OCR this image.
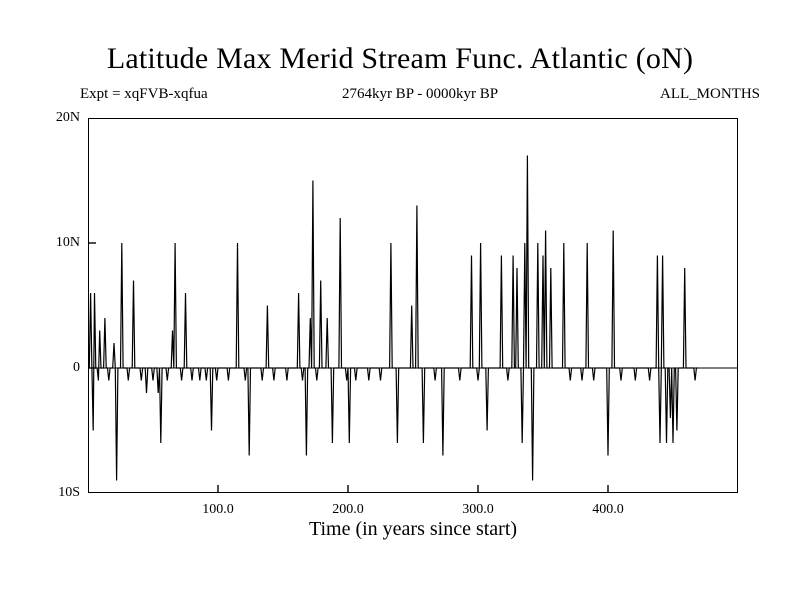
Latitude Max Merid Stream Func. Atlantic (oN)
Expt = xqFVB-xqfua	2764kyr BP - 0000kyr BP	ALL_MONTHS
10S
0
10N
20N
100.0	200.0	300.0	400.0
Time (in years since start)
